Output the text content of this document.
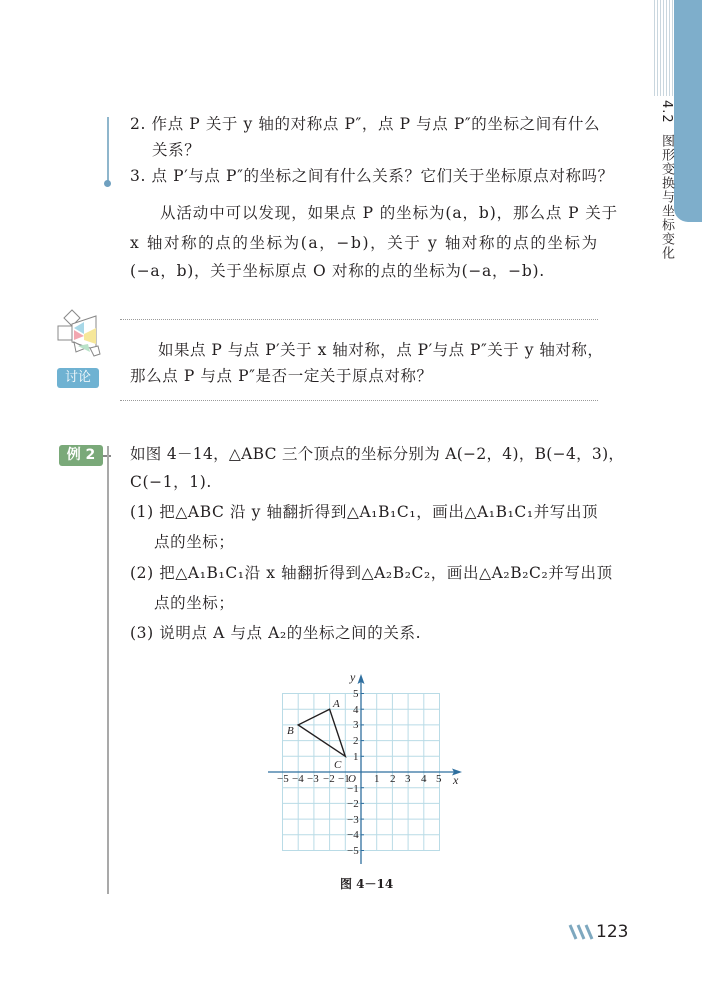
4.2  图形变换与坐标变化
2. 作点 P 关于 y 轴的对称点 P″，点 P 与点 P″的坐标之间有什么
关系？
3. 点 P′与点 P″的坐标之间有什么关系？它们关于坐标原点对称吗？
从活动中可以发现，如果点 P 的坐标为(a，b)，那么点 P 关于
x 轴对称的点的坐标为(a，−b)，关于 y 轴对称的点的坐标为
(−a，b)，关于坐标原点 O 对称的点的坐标为(−a，−b).
讨论
如果点 P 与点 P′关于 x 轴对称，点 P′与点 P″关于 y 轴对称，
那么点 P 与点 P″是否一定关于原点对称？
例 2	如图 4－14，△ABC 三个顶点的坐标分别为 A(−2，4)，B(−4，3)，
C(−1，1).
(1) 把△ABC 沿 y 轴翻折得到△A₁B₁C₁，画出△A₁B₁C₁并写出顶
点的坐标；
(2) 把△A₁B₁C₁沿 x 轴翻折得到△A₂B₂C₂，画出△A₂B₂C₂并写出顶
点的坐标；
(3) 说明点 A 与点 A₂的坐标之间的关系.
−5 −4 −3 −2 −1
O 1 2 3 4 5 x
y
5
4
3
2
1
−1
−2
−3
−4
−5
A
B
C
图 4－14
123
